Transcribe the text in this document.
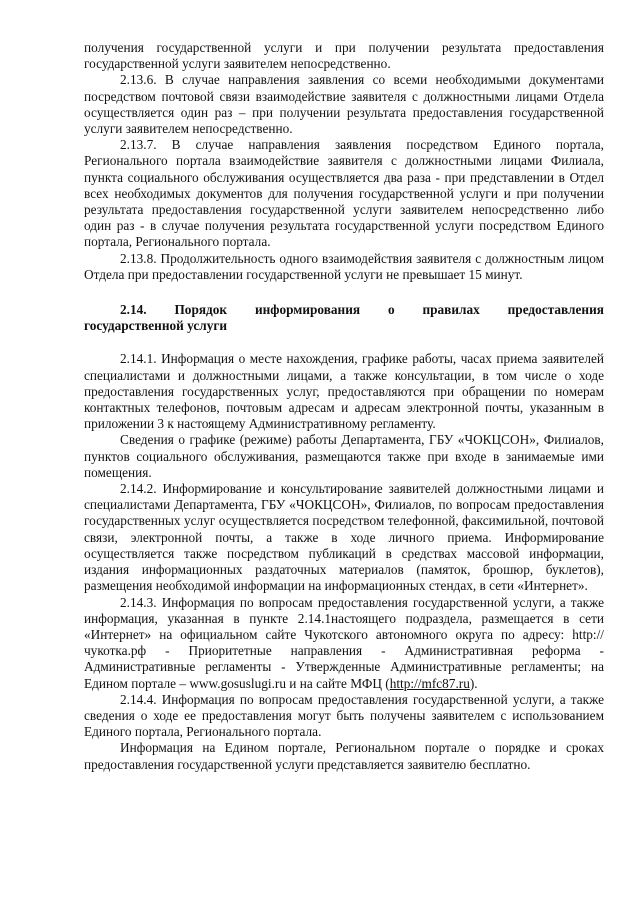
получения государственной услуги и при получении результата предоставления государственной услуги заявителем непосредственно.

2.13.6. В случае направления заявления со всеми необходимыми документами посредством почтовой связи взаимодействие заявителя с должностными лицами Отдела осуществляется один раз – при получении результата предоставления государственной услуги заявителем непосредственно.

2.13.7. В случае направления заявления посредством Единого портала, Регионального портала взаимодействие заявителя с должностными лицами Филиала, пункта социального обслуживания осуществляется два раза - при представлении в Отдел всех необходимых документов для получения государственной услуги и при получении результата предоставления государственной услуги заявителем непосредственно либо один раз - в случае получения результата государственной услуги посредством Единого портала, Регионального портала.

2.13.8. Продолжительность одного взаимодействия заявителя с должностным лицом Отдела при предоставлении государственной услуги не превышает 15 минут.

2.14. Порядок информирования о правилах предоставления
государственной услуги

2.14.1. Информация о месте нахождения, графике работы, часах приема заявителей специалистами и должностными лицами, а также консультации, в том числе о ходе предоставления государственных услуг, предоставляются при обращении по номерам контактных телефонов, почтовым адресам и адресам электронной почты, указанным в приложении 3 к настоящему Административному регламенту.

Сведения о графике (режиме) работы Департамента, ГБУ «ЧОКЦСОН», Филиалов, пунктов социального обслуживания, размещаются также при входе в занимаемые ими помещения.

2.14.2. Информирование и консультирование заявителей должностными лицами и специалистами Департамента, ГБУ «ЧОКЦСОН», Филиалов, по вопросам предоставления государственных услуг осуществляется посредством телефонной, факсимильной, почтовой связи, электронной почты, а также в ходе личного приема. Информирование осуществляется также посредством публикаций в средствах массовой информации, издания информационных раздаточных материалов (памяток, брошюр, буклетов), размещения необходимой информации на информационных стендах, в сети «Интернет».

2.14.3. Информация по вопросам предоставления государственной услуги, а также информация, указанная в пункте 2.14.1настоящего подраздела, размещается в сети «Интернет» на официальном сайте Чукотского автономного округа по адресу: http://чукотка.рф - Приоритетные направления - Административная реформа - Административные регламенты - Утвержденные Административные регламенты; на Едином портале – www.gosuslugi.ru и на сайте МФЦ (http://mfc87.ru).

2.14.4. Информация по вопросам предоставления государственной услуги, а также сведения о ходе ее предоставления могут быть получены заявителем с использованием Единого портала, Регионального портала.

Информация на Едином портале, Региональном портале о порядке и сроках предоставления государственной услуги представляется заявителю бесплатно.
